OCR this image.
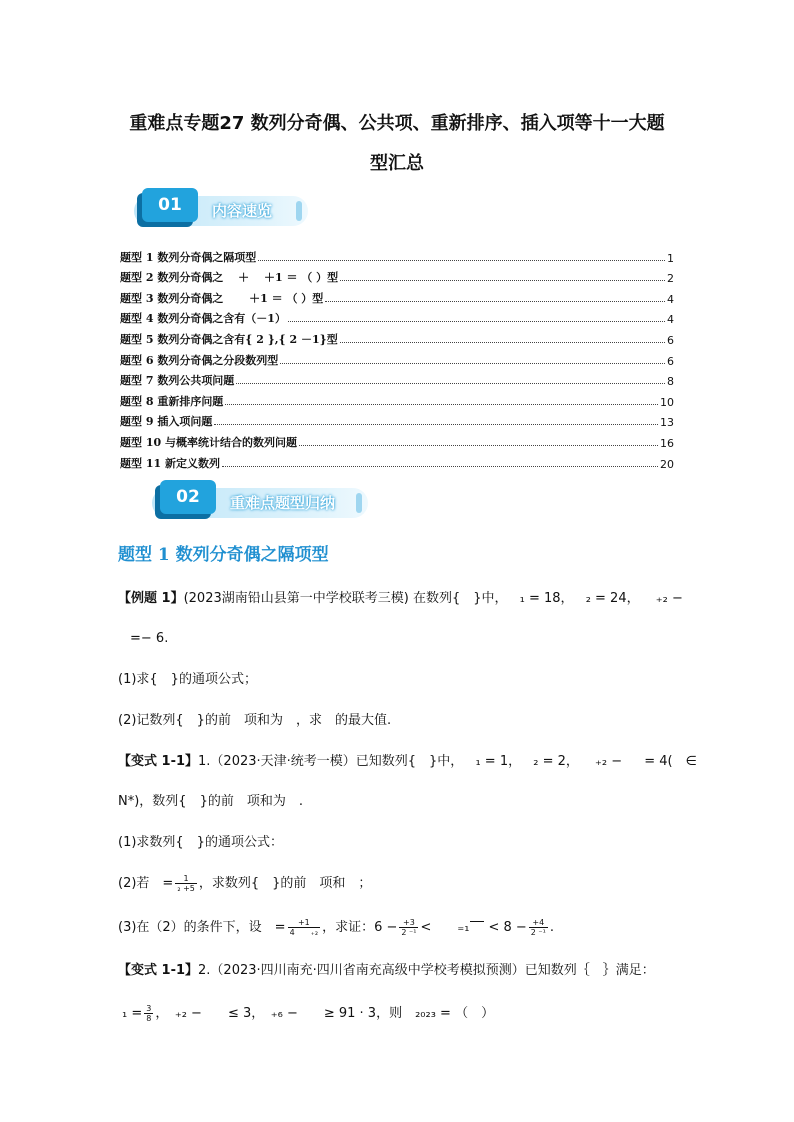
重难点专题27 数列分奇偶、公共项、重新排序、插入项等十一大题
型汇总
01	内容速览
题型 1 数列分奇偶之隔项型	1
题型 2 数列分奇偶之　 ＋　 ＋1 ＝ （ ）型	2
题型 3 数列分奇偶之　　 ＋1 ＝ （ ）型	4
题型 4 数列分奇偶之含有（－1）	4
题型 5 数列分奇偶之含有{ 2 },{ 2 －1}型	6
题型 6 数列分奇偶之分段数列型	6
题型 7 数列公共项问题	8
题型 8 重新排序问题	10
题型 9 插入项问题	13
题型 10 与概率统计结合的数列问题	16
题型 11 新定义数列	20
02	重难点题型归纳
题型 1 数列分奇偶之隔项型
【例题 1】(2023湖南铅山县第一中学校联考三模) 在数列{　}中， ₁ = 18， ₂ = 24， ₊₂ −
=− 6.
(1)求{　}的通项公式；
(2)记数列{　}的前　项和为　，求　的最大值.
【变式 1-1】1.（2023·天津·统考一模）已知数列{　}中， ₁ = 1， ₂ = 2， ₊₂ − = 4(　∈
N*)，数列{　}的前　项和为　.
(1)求数列{　}的通项公式：
(2)若　= $\frac{1}{\text{₂ +5}}$ ，求数列{　}的前　项和　；
(3)在（2）的条件下，设　= $\frac{+1}{\text{4　　₊₂}}$ ，求证：$6 - \frac{+3}{\text{2 ⁻¹}}$ <　　$_{=1} < 8 - \frac{+4}{\text{2 ⁻¹}}$ .
【变式 1-1】2.（2023·四川南充·四川省南充高级中学校考模拟预测）已知数列｛　｝满足：
$_1 = \frac{3}{8}$ ，　₊₂ −　　≤ 3，　₊₆ −　　≥ 91 · 3，则　₂₀₂₃ = （　）
